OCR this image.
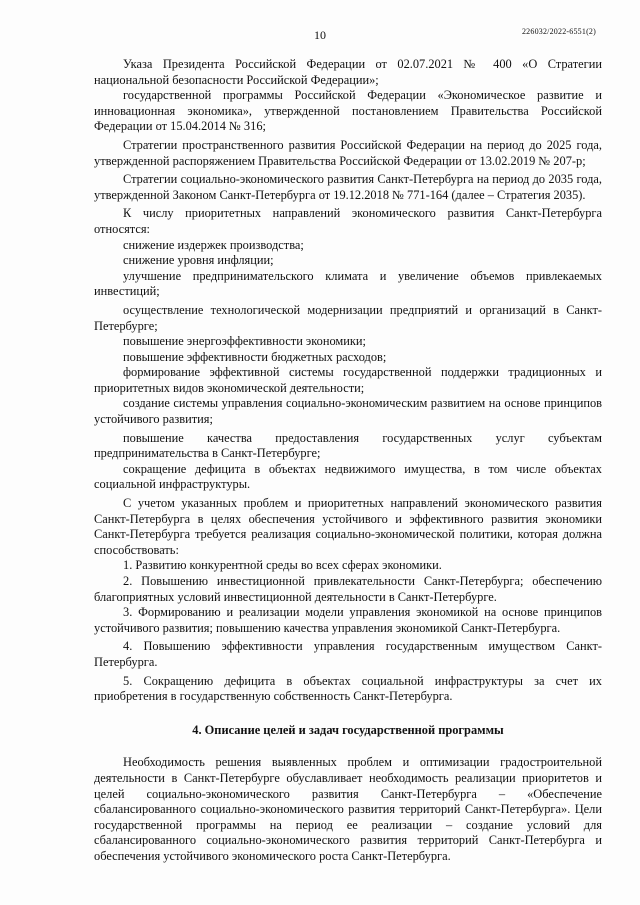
10	226032/2022-6551(2)

Указа Президента Российской Федерации от 02.07.2021 № 400 «О Стратегии национальной безопасности Российской Федерации»;

государственной программы Российской Федерации «Экономическое развитие и инновационная экономика», утвержденной постановлением Правительства Российской Федерации от 15.04.2014 № 316;

Стратегии пространственного развития Российской Федерации на период до 2025 года, утвержденной распоряжением Правительства Российской Федерации от 13.02.2019 № 207-р;

Стратегии социально-экономического развития Санкт-Петербурга на период до 2035 года, утвержденной Законом Санкт-Петербурга от 19.12.2018 № 771-164 (далее – Стратегия 2035).

К числу приоритетных направлений экономического развития Санкт-Петербурга относятся:

снижение издержек производства;

снижение уровня инфляции;

улучшение предпринимательского климата и увеличение объемов привлекаемых инвестиций;

осуществление технологической модернизации предприятий и организаций в Санкт-Петербурге;

повышение энергоэффективности экономики;

повышение эффективности бюджетных расходов;

формирование эффективной системы государственной поддержки традиционных и приоритетных видов экономической деятельности;

создание системы управления социально-экономическим развитием на основе принципов устойчивого развития;

повышение качества предоставления государственных услуг субъектам предпринимательства в Санкт-Петербурге;

сокращение дефицита в объектах недвижимого имущества, в том числе объектах социальной инфраструктуры.

С учетом указанных проблем и приоритетных направлений экономического развития Санкт-Петербурга в целях обеспечения устойчивого и эффективного развития экономики Санкт-Петербурга требуется реализация социально-экономической политики, которая должна способствовать:

1. Развитию конкурентной среды во всех сферах экономики.

2. Повышению инвестиционной привлекательности Санкт-Петербурга; обеспечению благоприятных условий инвестиционной деятельности в Санкт-Петербурге.

3. Формированию и реализации модели управления экономикой на основе принципов устойчивого развития; повышению качества управления экономикой Санкт-Петербурга.

4. Повышению эффективности управления государственным имуществом Санкт-Петербурга.

5. Сокращению дефицита в объектах социальной инфраструктуры за счет их приобретения в государственную собственность Санкт-Петербурга.

4. Описание целей и задач государственной программы

Необходимость решения выявленных проблем и оптимизации градостроительной деятельности в Санкт-Петербурге обуславливает необходимость реализации приоритетов и целей социально-экономического развития Санкт-Петербурга – «Обеспечение сбалансированного социально-экономического развития территорий Санкт-Петербурга». Цели государственной программы на период ее реализации – создание условий для сбалансированного социально-экономического развития территорий Санкт-Петербурга и обеспечения устойчивого экономического роста Санкт-Петербурга.
